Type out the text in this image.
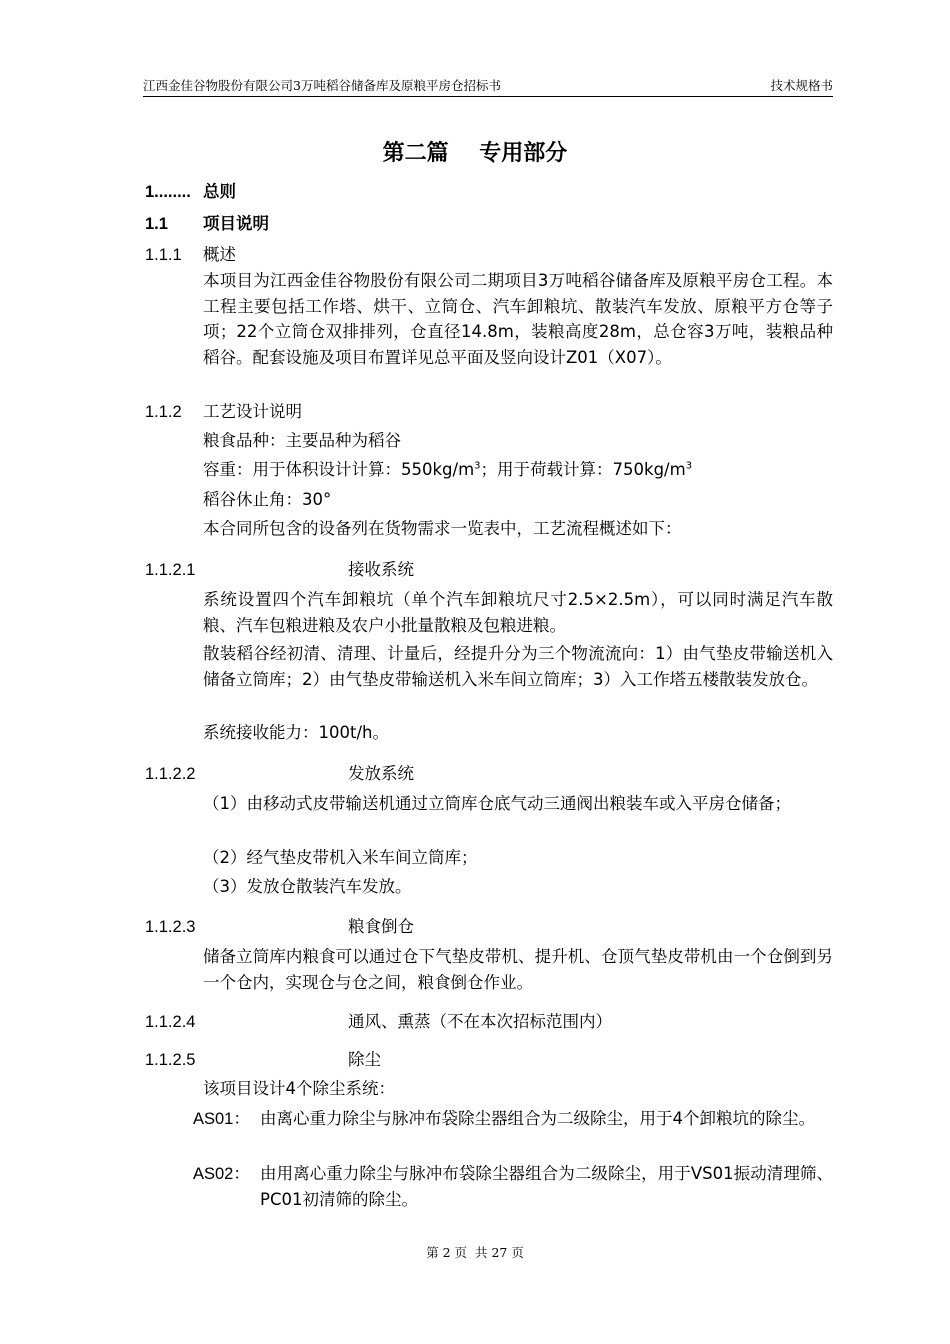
江西金佳谷物股份有限公司3万吨稻谷储备库及原粮平房仓招标书	技术规格书
第二篇    专用部分
1........ 总则
1.1 项目说明
1.1.1 概述
本项目为江西金佳谷物股份有限公司二期项目3万吨稻谷储备库及原粮平房仓工程。本工程主要包括工作塔、烘干、立筒仓、汽车卸粮坑、散装汽车发放、原粮平方仓等子项；22个立筒仓双排排列，仓直径14.8m，装粮高度28m，总仓容3万吨，装粮品种稻谷。配套设施及项目布置详见总平面及竖向设计Z01（X07）。
1.1.2 工艺设计说明
粮食品种：主要品种为稻谷
容重：用于体积设计计算：$550kg/m^3$；用于荷载计算：$750kg/m^3$
稻谷休止角：30°
本合同所包含的设备列在货物需求一览表中，工艺流程概述如下：
1.1.2.1	接收系统
系统设置四个汽车卸粮坑（单个汽车卸粮坑尺寸2.5×2.5m），可以同时满足汽车散粮、汽车包粮进粮及农户小批量散粮及包粮进粮。
散装稻谷经初清、清理、计量后，经提升分为三个物流流向：1）由气垫皮带输送机入储备立筒库；2）由气垫皮带输送机入米车间立筒库；3）入工作塔五楼散装发放仓。
系统接收能力：100t/h。
1.1.2.2	发放系统
（1）由移动式皮带输送机通过立筒库仓底气动三通阀出粮装车或入平房仓储备；
（2）经气垫皮带机入米车间立筒库；
（3）发放仓散装汽车发放。
1.1.2.3	粮食倒仓
储备立筒库内粮食可以通过仓下气垫皮带机、提升机、仓顶气垫皮带机由一个仓倒到另一个仓内，实现仓与仓之间，粮食倒仓作业。
1.1.2.4	通风、熏蒸（不在本次招标范围内）
1.1.2.5	除尘
该项目设计4个除尘系统：
AS01： 由离心重力除尘与脉冲布袋除尘器组合为二级除尘，用于4个卸粮坑的除尘。
AS02： 由用离心重力除尘与脉冲布袋除尘器组合为二级除尘，用于VS01振动清理筛、PC01初清筛的除尘。
第 2 页  共 27 页
